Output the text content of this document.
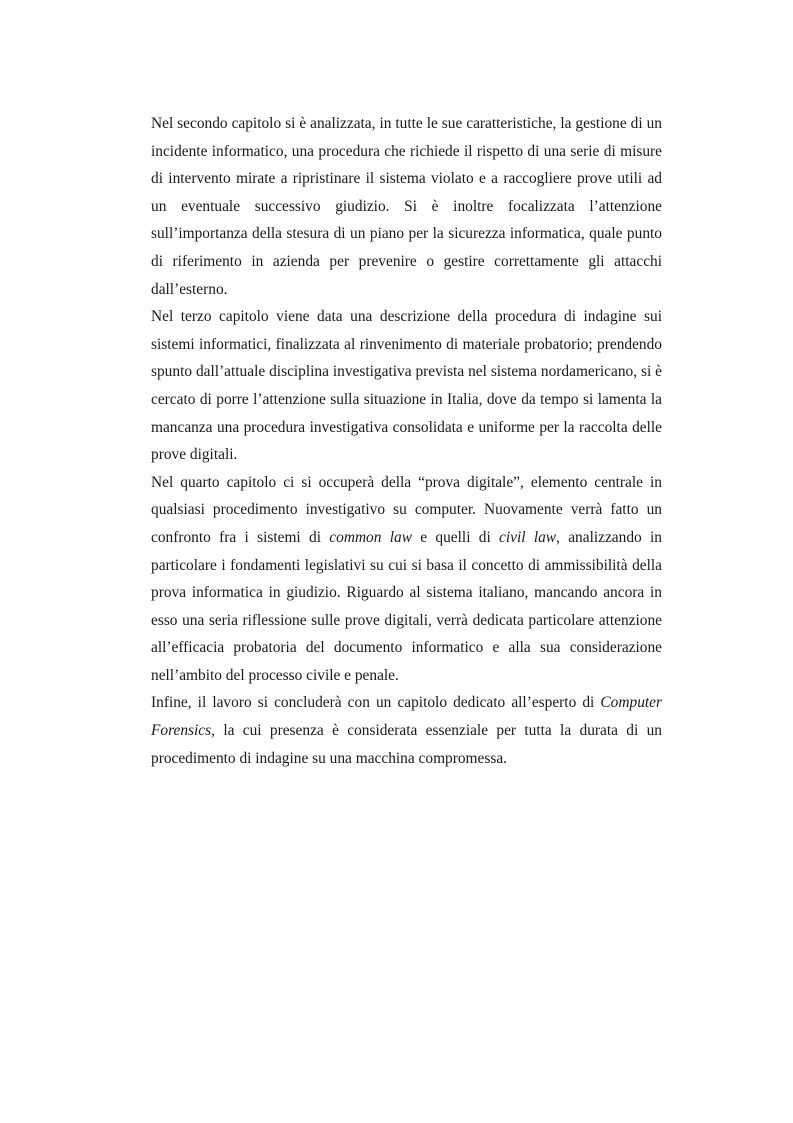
Nel secondo capitolo si è analizzata, in tutte le sue caratteristiche, la gestione di un incidente informatico, una procedura che richiede il rispetto di una serie di misure di intervento mirate a ripristinare il sistema violato e a raccogliere prove utili ad un eventuale successivo giudizio. Si è inoltre focalizzata l’attenzione sull’importanza della stesura di un piano per la sicurezza informatica, quale punto di riferimento in azienda per prevenire o gestire correttamente gli attacchi dall’esterno.

Nel terzo capitolo viene data una descrizione della procedura di indagine sui sistemi informatici, finalizzata al rinvenimento di materiale probatorio; prendendo spunto dall’attuale disciplina investigativa prevista nel sistema nordamericano, si è cercato di porre l’attenzione sulla situazione in Italia, dove da tempo si lamenta la mancanza una procedura investigativa consolidata e uniforme per la raccolta delle prove digitali.

Nel quarto capitolo ci si occuperà della “prova digitale”, elemento centrale in qualsiasi procedimento investigativo su computer. Nuovamente verrà fatto un confronto fra i sistemi di common law e quelli di civil law, analizzando in particolare i fondamenti legislativi su cui si basa il concetto di ammissibilità della prova informatica in giudizio. Riguardo al sistema italiano, mancando ancora in esso una seria riflessione sulle prove digitali, verrà dedicata particolare attenzione all’efficacia probatoria del documento informatico e alla sua considerazione nell’ambito del processo civile e penale.

Infine, il lavoro si concluderà con un capitolo dedicato all’esperto di Computer Forensics, la cui presenza è considerata essenziale per tutta la durata di un procedimento di indagine su una macchina compromessa.
